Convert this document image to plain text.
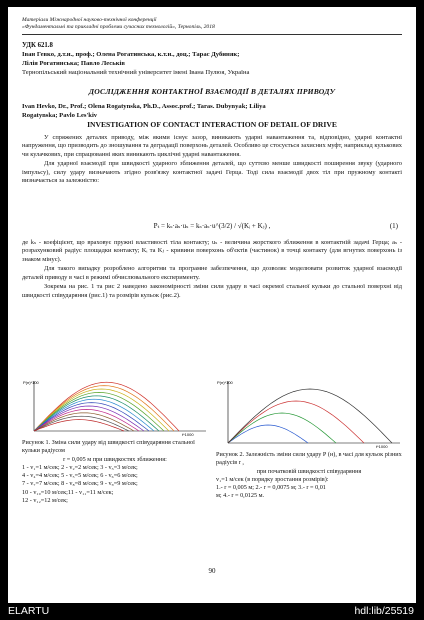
Матеріали Міжнародної науково-технічної конференції
«Фундаментальні та прикладні проблеми сучасних технологій», Тернопіль, 2018
УДК 621.8
Іван Гевко, д.т.н., проф.; Олена Рогатинська, к.т.н., доц.; Тарас Дубиняк;
Лілія Рогатинська; Павло Леськів
Тернопільський національний технічний університет імені Івана Пулюя, Україна
ДОСЛІДЖЕННЯ КОНТАКТНОЇ ВЗАЄМОДІЇ В ДЕТАЛЯХ ПРИВОДУ
Ivan Hevko, Dr., Prof.; Olena Rogatynska, Ph.D., Assoc.prof.; Taras. Dubynyak; Liliya
Rogatynska; Pavlo Les'kiv
INVESTIGATION OF CONTACT INTERACTION OF DETAIL OF DRIVE

У спряжених деталях приводу, між якими існує зазор, виникають ударні навантаження та, відповідно, ударні контактні напруження, що призводить до зношування та деградації поверхонь деталей. Особливо це стосується захисних муфт, наприклад кулькових чи кулачкових, при спрацюванні яких виникають циклічні ударні навантаження.

Для ударної взаємодії при швидкості ударного зближення деталей, що суттєво менше швидкості поширення звуку (ударного імпульсу), силу удару визначають згідно розв'язку контактної задачі Герца. Тоді сила взаємодії двох тіл при пружному контакті визначається за залежністю:

Pₜ = kₛ·aₛ·uₛ = kₛ·aₛ·u^(3/2) / √(Kᵢ + Kⱼ) ,	(1)

де kₛ - коефіцієнт, що враховує пружні властивості тіла контакту; uₛ - величина жорсткого зближення в контактній задачі Герца; aₛ - розрахунковий радіус площадки контакту; Kᵢ та Kⱼ - кривини поверхонь об'єктів (частинок) в точці контакту (для вгнутих поверхонь із знаком мінус).

Для такого випадку розроблено алгоритми та програмне забезпечення, що дозволяє моделювати розвиток ударної взаємодії деталей приводу в часі в режимі обчислювального експерименту.

Зокрема на рис. 1 та рис 2 наведено закономірності зміни сили удару в часі окремої стальної кульки до стальної поверхні від швидкості співударяння (рис.1) та розмірів кульок (рис.2).

Р(н)*100
t*1000
Рисунок 1. Зміна сили удару від швидкості співударяння стальної кульки радіусом
r = 0,005 м при швидкостях зближення:
1 - v₁=1 м/сек; 2 - v₂=2 м/сек; 3 - v₃=3 м/сек;
4 - v₄=4 м/сек; 5 - v₅=5 м/сек; 6 - v₆=6 м/сек;
7 - v₇=7 м/сек; 8 - v₈=8 м/сек; 9 - v₉=9 м/сек;
10 - v₁₀=10 м/сек;11 - v₁₁=11 м/сек;
12 - v₁₂=12 м/сек;
Р(н)*100
t*1000
Рисунок 2. Залежність зміни сили удару Р (н), в часі для кульок різних радіусів r ,
при початковій швидкості співударяння
v₁=1 м/сек (в порядку зростання розмірів):
1.- r = 0,005 м; 2.- r = 0,0075 м; 3.- r = 0,01
м; 4.- r = 0,0125 м.
90
ELARTU	hdl:lib/25519
